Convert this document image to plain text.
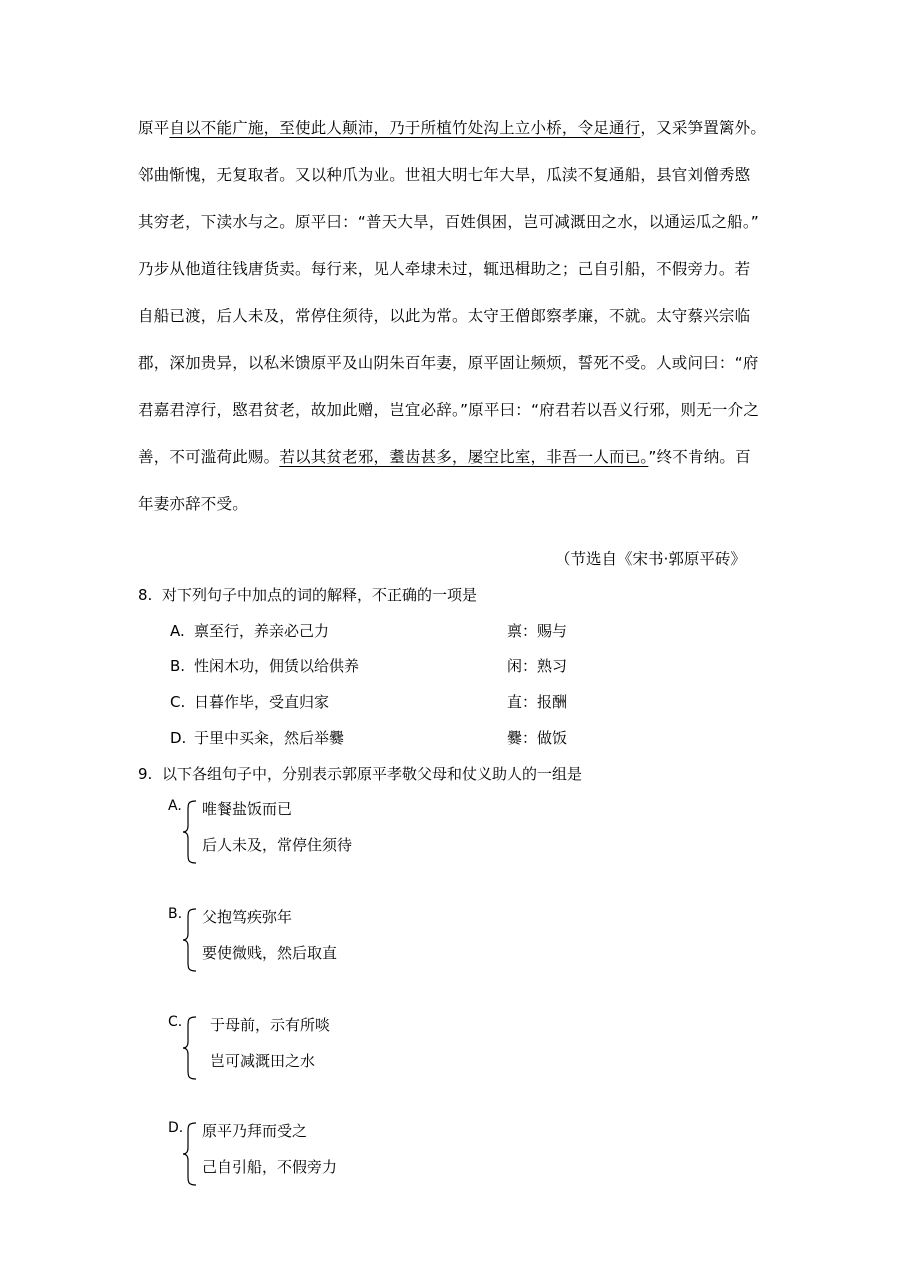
原平自以不能广施，至使此人颠沛，乃于所植竹处沟上立小桥，令足通行，又采笋置篱外。
邻曲惭愧，无复取者。又以种爪为业。世祖大明七年大旱，瓜渎不复通船，县官刘僧秀愍
其穷老，下渎水与之。原平曰：“普天大旱，百姓俱困，岂可减溉田之水，以通运瓜之船。”
乃步从他道往钱唐货卖。每行来，见人牵埭未过，辄迅楫助之；己自引船，不假旁力。若
自船已渡，后人未及，常停住须待，以此为常。太守王僧郎察孝廉，不就。太守蔡兴宗临
郡，深加贵异，以私米馈原平及山阴朱百年妻，原平固让频烦，誓死不受。人或问曰：“府
君嘉君淳行，愍君贫老，故加此赠，岂宜必辞。”原平曰：“府君若以吾义行邪，则无一介之
善，不可滥荷此赐。若以其贫老邪，耋齿甚多，屡空比室，非吾一人而已。”终不肯纳。百
年妻亦辞不受。
（节选自《宋书·郭原平砖》
8. 对下列句子中加点的词的解释，不正确的一项是
A. 禀至行，养亲必己力	禀：赐与
B. 性闲木功，佣赁以给供养	闲：熟习
C. 日暮作毕，受直归家	直：报酬
D. 于里中买籴，然后举爨	爨：做饭
9. 以下各组句子中，分别表示郭原平孝敬父母和仗义助人的一组是
A. 唯餐盐饭而已
后人未及，常停住须待
B. 父抱笃疾弥年
要使微贱，然后取直
C. 于母前，示有所啖
岂可减溉田之水
D. 原平乃拜而受之
己自引船，不假旁力
